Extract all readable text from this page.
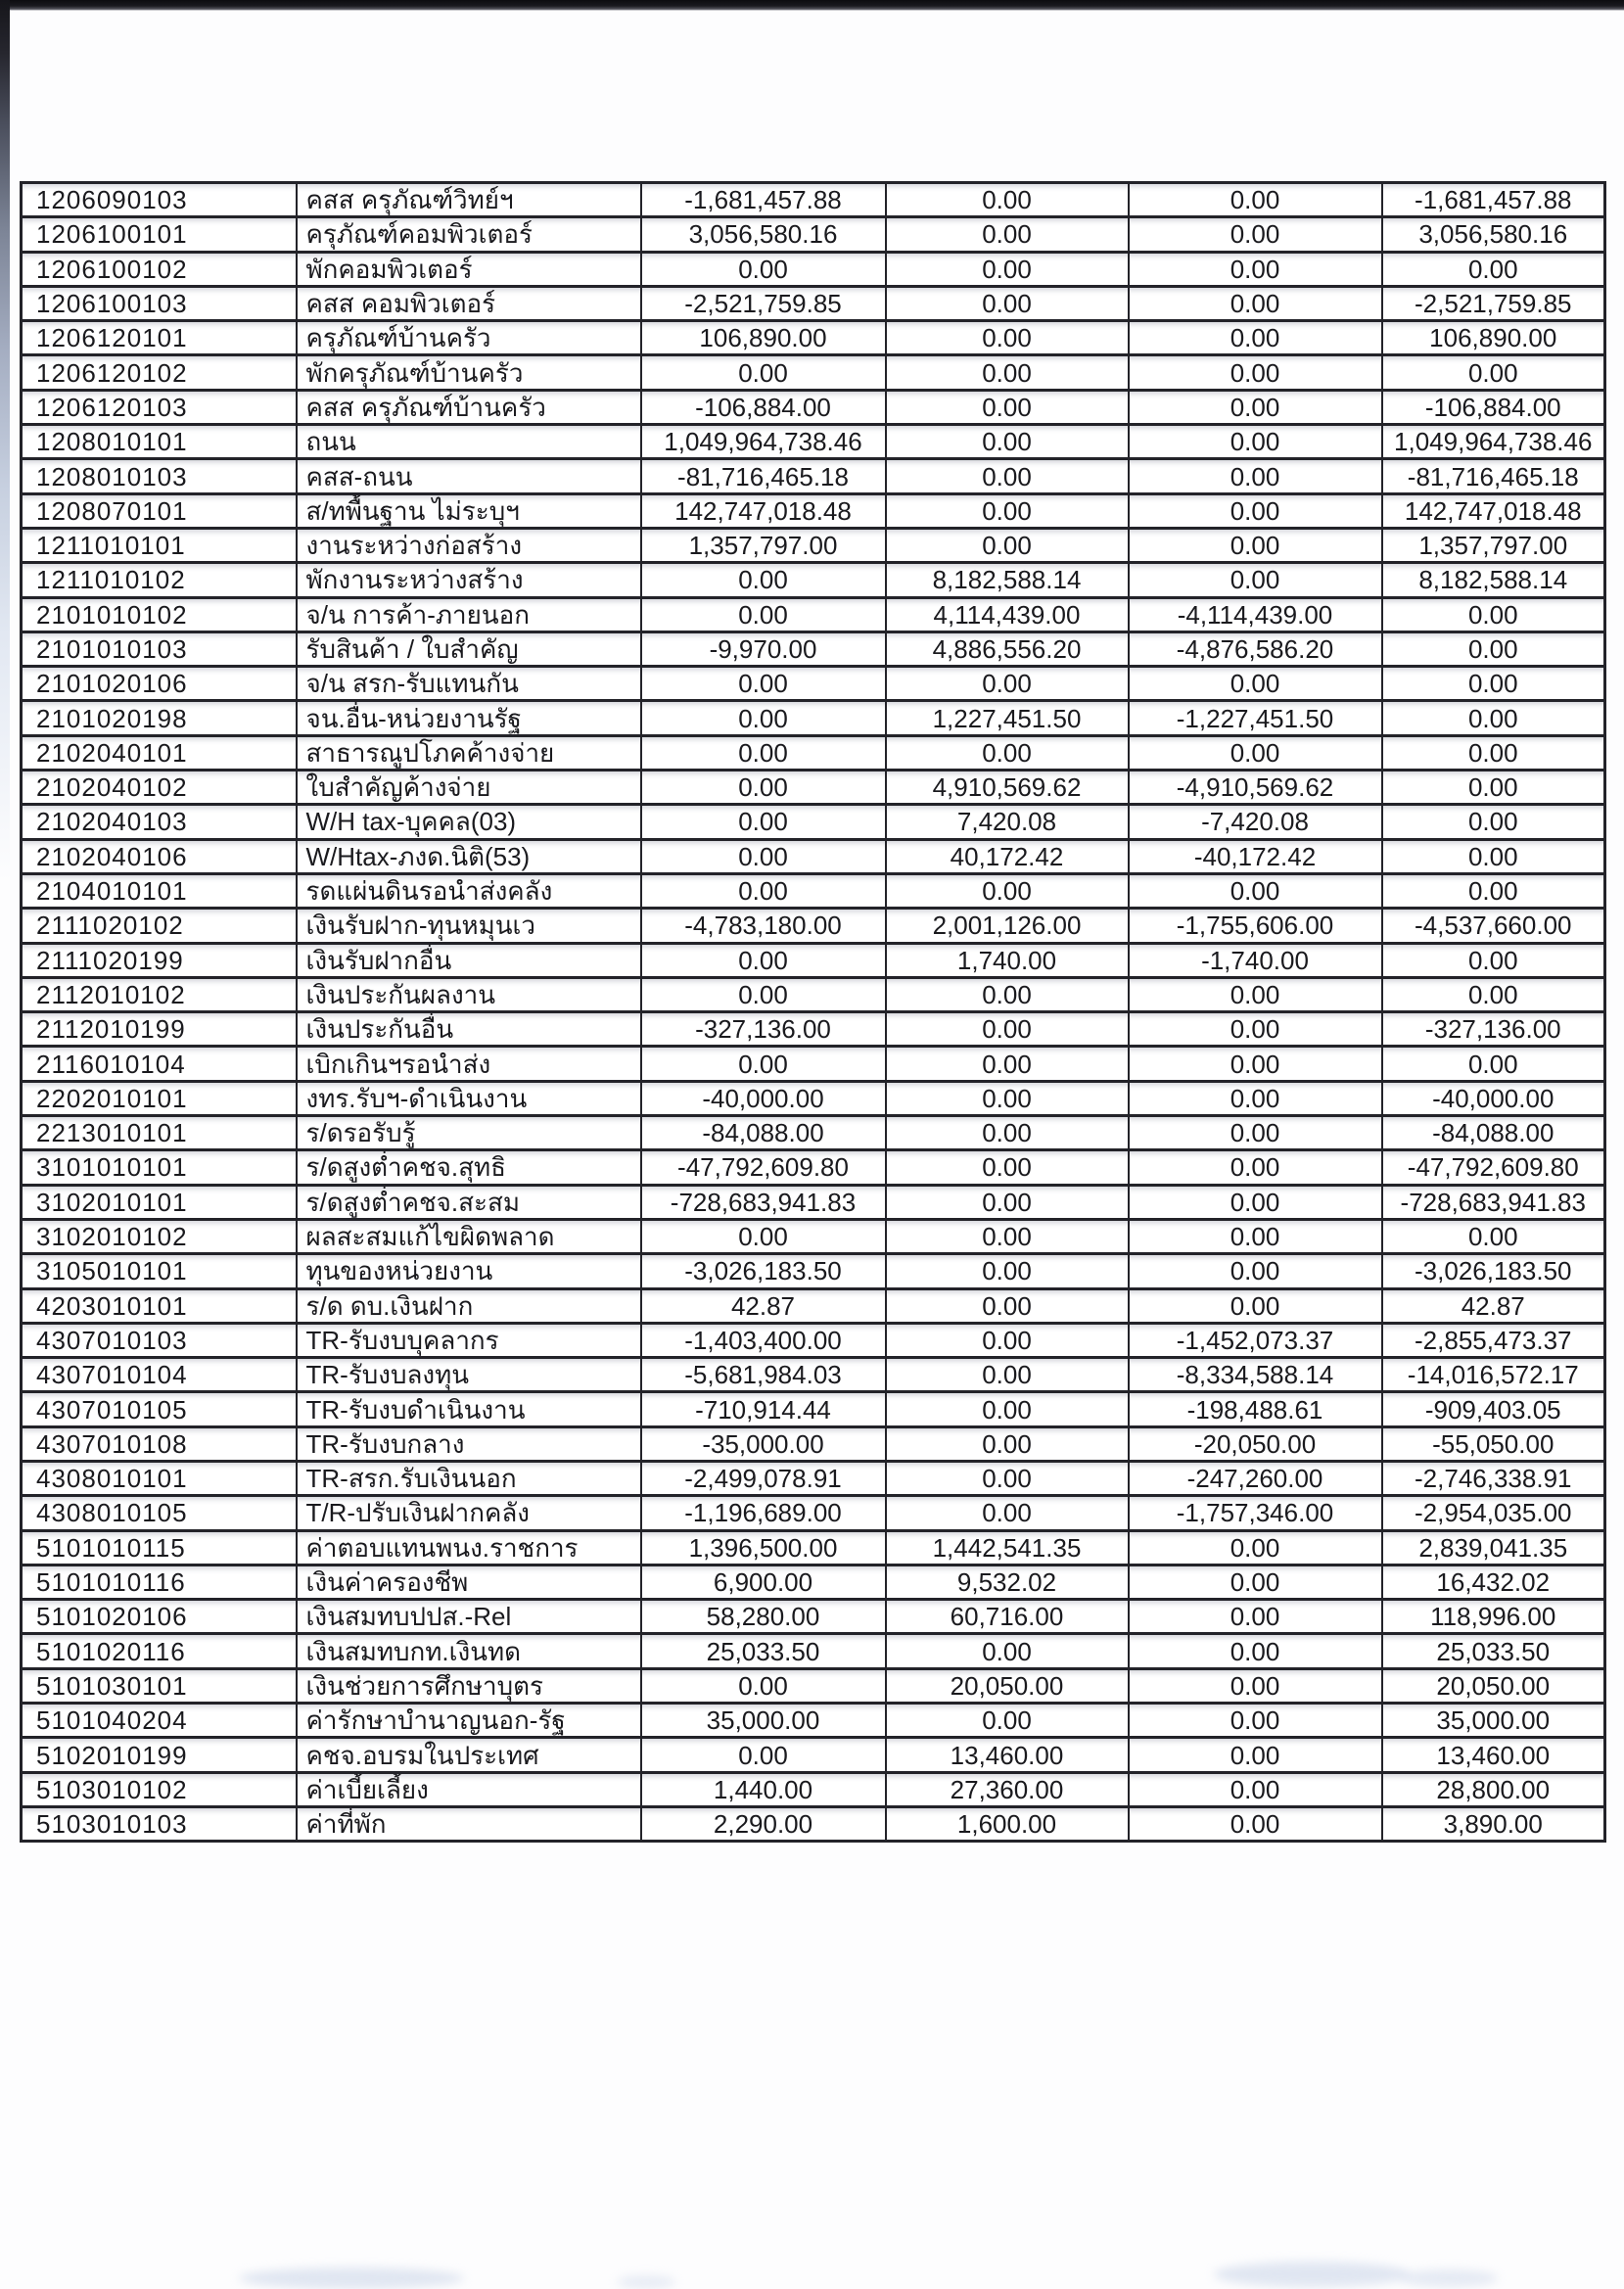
1206090103	คสส ครุภัณฑ์วิทย์ฯ	-1,681,457.88	0.00	0.00	-1,681,457.88
1206100101	ครุภัณฑ์คอมพิวเตอร์	3,056,580.16	0.00	0.00	3,056,580.16
1206100102	พักคอมพิวเตอร์	0.00	0.00	0.00	0.00
1206100103	คสส คอมพิวเตอร์	-2,521,759.85	0.00	0.00	-2,521,759.85
1206120101	ครุภัณฑ์บ้านครัว	106,890.00	0.00	0.00	106,890.00
1206120102	พักครุภัณฑ์บ้านครัว	0.00	0.00	0.00	0.00
1206120103	คสส ครุภัณฑ์บ้านครัว	-106,884.00	0.00	0.00	-106,884.00
1208010101	ถนน	1,049,964,738.46	0.00	0.00	1,049,964,738.46
1208010103	คสส-ถนน	-81,716,465.18	0.00	0.00	-81,716,465.18
1208070101	ส/ทพื้นฐาน ไม่ระบุฯ	142,747,018.48	0.00	0.00	142,747,018.48
1211010101	งานระหว่างก่อสร้าง	1,357,797.00	0.00	0.00	1,357,797.00
1211010102	พักงานระหว่างสร้าง	0.00	8,182,588.14	0.00	8,182,588.14
2101010102	จ/น การค้า-ภายนอก	0.00	4,114,439.00	-4,114,439.00	0.00
2101010103	รับสินค้า / ใบสำคัญ	-9,970.00	4,886,556.20	-4,876,586.20	0.00
2101020106	จ/น สรก-รับแทนกัน	0.00	0.00	0.00	0.00
2101020198	จน.อื่น-หน่วยงานรัฐ	0.00	1,227,451.50	-1,227,451.50	0.00
2102040101	สาธารณูปโภคค้างจ่าย	0.00	0.00	0.00	0.00
2102040102	ใบสำคัญค้างจ่าย	0.00	4,910,569.62	-4,910,569.62	0.00
2102040103	W/H tax-บุคคล(03)	0.00	7,420.08	-7,420.08	0.00
2102040106	W/Htax-ภงด.นิติ(53)	0.00	40,172.42	-40,172.42	0.00
2104010101	รดแผ่นดินรอนำส่งคลัง	0.00	0.00	0.00	0.00
2111020102	เงินรับฝาก-ทุนหมุนเว	-4,783,180.00	2,001,126.00	-1,755,606.00	-4,537,660.00
2111020199	เงินรับฝากอื่น	0.00	1,740.00	-1,740.00	0.00
2112010102	เงินประกันผลงาน	0.00	0.00	0.00	0.00
2112010199	เงินประกันอื่น	-327,136.00	0.00	0.00	-327,136.00
2116010104	เบิกเกินฯรอนำส่ง	0.00	0.00	0.00	0.00
2202010101	งทร.รับฯ-ดำเนินงาน	-40,000.00	0.00	0.00	-40,000.00
2213010101	ร/ดรอรับรู้	-84,088.00	0.00	0.00	-84,088.00
3101010101	ร/ดสูงต่ำคชจ.สุทธิ	-47,792,609.80	0.00	0.00	-47,792,609.80
3102010101	ร/ดสูงต่ำคชจ.สะสม	-728,683,941.83	0.00	0.00	-728,683,941.83
3102010102	ผลสะสมแก้ไขผิดพลาด	0.00	0.00	0.00	0.00
3105010101	ทุนของหน่วยงาน	-3,026,183.50	0.00	0.00	-3,026,183.50
4203010101	ร/ด ดบ.เงินฝาก	42.87	0.00	0.00	42.87
4307010103	TR-รับงบบุคลากร	-1,403,400.00	0.00	-1,452,073.37	-2,855,473.37
4307010104	TR-รับงบลงทุน	-5,681,984.03	0.00	-8,334,588.14	-14,016,572.17
4307010105	TR-รับงบดำเนินงาน	-710,914.44	0.00	-198,488.61	-909,403.05
4307010108	TR-รับงบกลาง	-35,000.00	0.00	-20,050.00	-55,050.00
4308010101	TR-สรก.รับเงินนอก	-2,499,078.91	0.00	-247,260.00	-2,746,338.91
4308010105	T/R-ปรับเงินฝากคลัง	-1,196,689.00	0.00	-1,757,346.00	-2,954,035.00
5101010115	ค่าตอบแทนพนง.ราชการ	1,396,500.00	1,442,541.35	0.00	2,839,041.35
5101010116	เงินค่าครองชีพ	6,900.00	9,532.02	0.00	16,432.02
5101020106	เงินสมทบปปส.-Rel	58,280.00	60,716.00	0.00	118,996.00
5101020116	เงินสมทบกท.เงินทด	25,033.50	0.00	0.00	25,033.50
5101030101	เงินช่วยการศึกษาบุตร	0.00	20,050.00	0.00	20,050.00
5101040204	ค่ารักษาบำนาญนอก-รัฐ	35,000.00	0.00	0.00	35,000.00
5102010199	คชจ.อบรมในประเทศ	0.00	13,460.00	0.00	13,460.00
5103010102	ค่าเบี้ยเลี้ยง	1,440.00	27,360.00	0.00	28,800.00
5103010103	ค่าที่พัก	2,290.00	1,600.00	0.00	3,890.00
